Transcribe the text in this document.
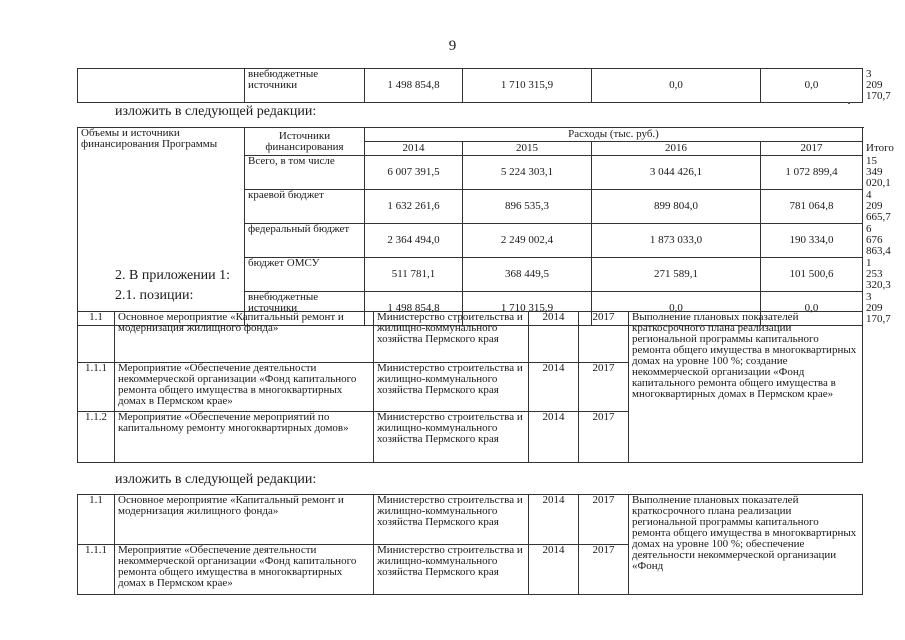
9
	внебюджетные источники	1 498 854,8	1 710 315,9	0,0	0,0	3 209 170,7
изложить в следующей редакции:
Объемы и источники финансирования Программы	Источники финансирования	Расходы (тыс. руб.)				
		2014	2015	2016	2017	Итого
	Всего, в том числе	6 007 391,5	5 224 303,1	3 044 426,1	1 072 899,4	15 349 020,1
	краевой бюджет	1 632 261,6	896 535,3	899 804,0	781 064,8	4 209 665,7
	федеральный бюджет	2 364 494,0	2 249 002,4	1 873 033,0	190 334,0	6 676 863,4
	бюджет ОМСУ	511 781,1	368 449,5	271 589,1	101 500,6	1 253 320,3
	внебюджетные источники	1 498 854,8	1 710 315,9	0,0	0,0	3 209 170,7
2. В приложении 1:
2.1. позиции:
1.1	Основное мероприятие «Капитальный ремонт и модернизация жилищного фонда»	Министерство строительства и жилищно-коммунального хозяйства Пермского края	2014	2017	Выполнение плановых показателей краткосрочного плана реализации региональной программы капитального ремонта общего имущества в многоквартирных домах на уровне 100 %; создание некоммерческой организации «Фонд капитального ремонта общего имущества в многоквартирных домах в Пермском крае»
1.1.1	Мероприятие «Обеспечение деятельности некоммерческой организации «Фонд капитального ремонта общего имущества в многоквартирных домах в Пермском крае»	Министерство строительства и жилищно-коммунального хозяйства Пермского края	2014	2017	
1.1.2	Мероприятие «Обеспечение мероприятий по капитальному ремонту многоквартирных домов»	Министерство строительства и жилищно-коммунального хозяйства Пермского края	2014	2017	
изложить в следующей редакции:
1.1	Основное мероприятие «Капитальный ремонт и модернизация жилищного фонда»	Министерство строительства и жилищно-коммунального хозяйства Пермского края	2014	2017	Выполнение плановых показателей краткосрочного плана реализации региональной программы капитального ремонта общего имущества в многоквартирных домах на уровне 100 %; обеспечение деятельности некоммерческой организации «Фонд
1.1.1	Мероприятие «Обеспечение деятельности некоммерческой организации «Фонд капитального ремонта общего имущества в многоквартирных домах в Пермском крае»	Министерство строительства и жилищно-коммунального хозяйства Пермского края	2014	2017	
